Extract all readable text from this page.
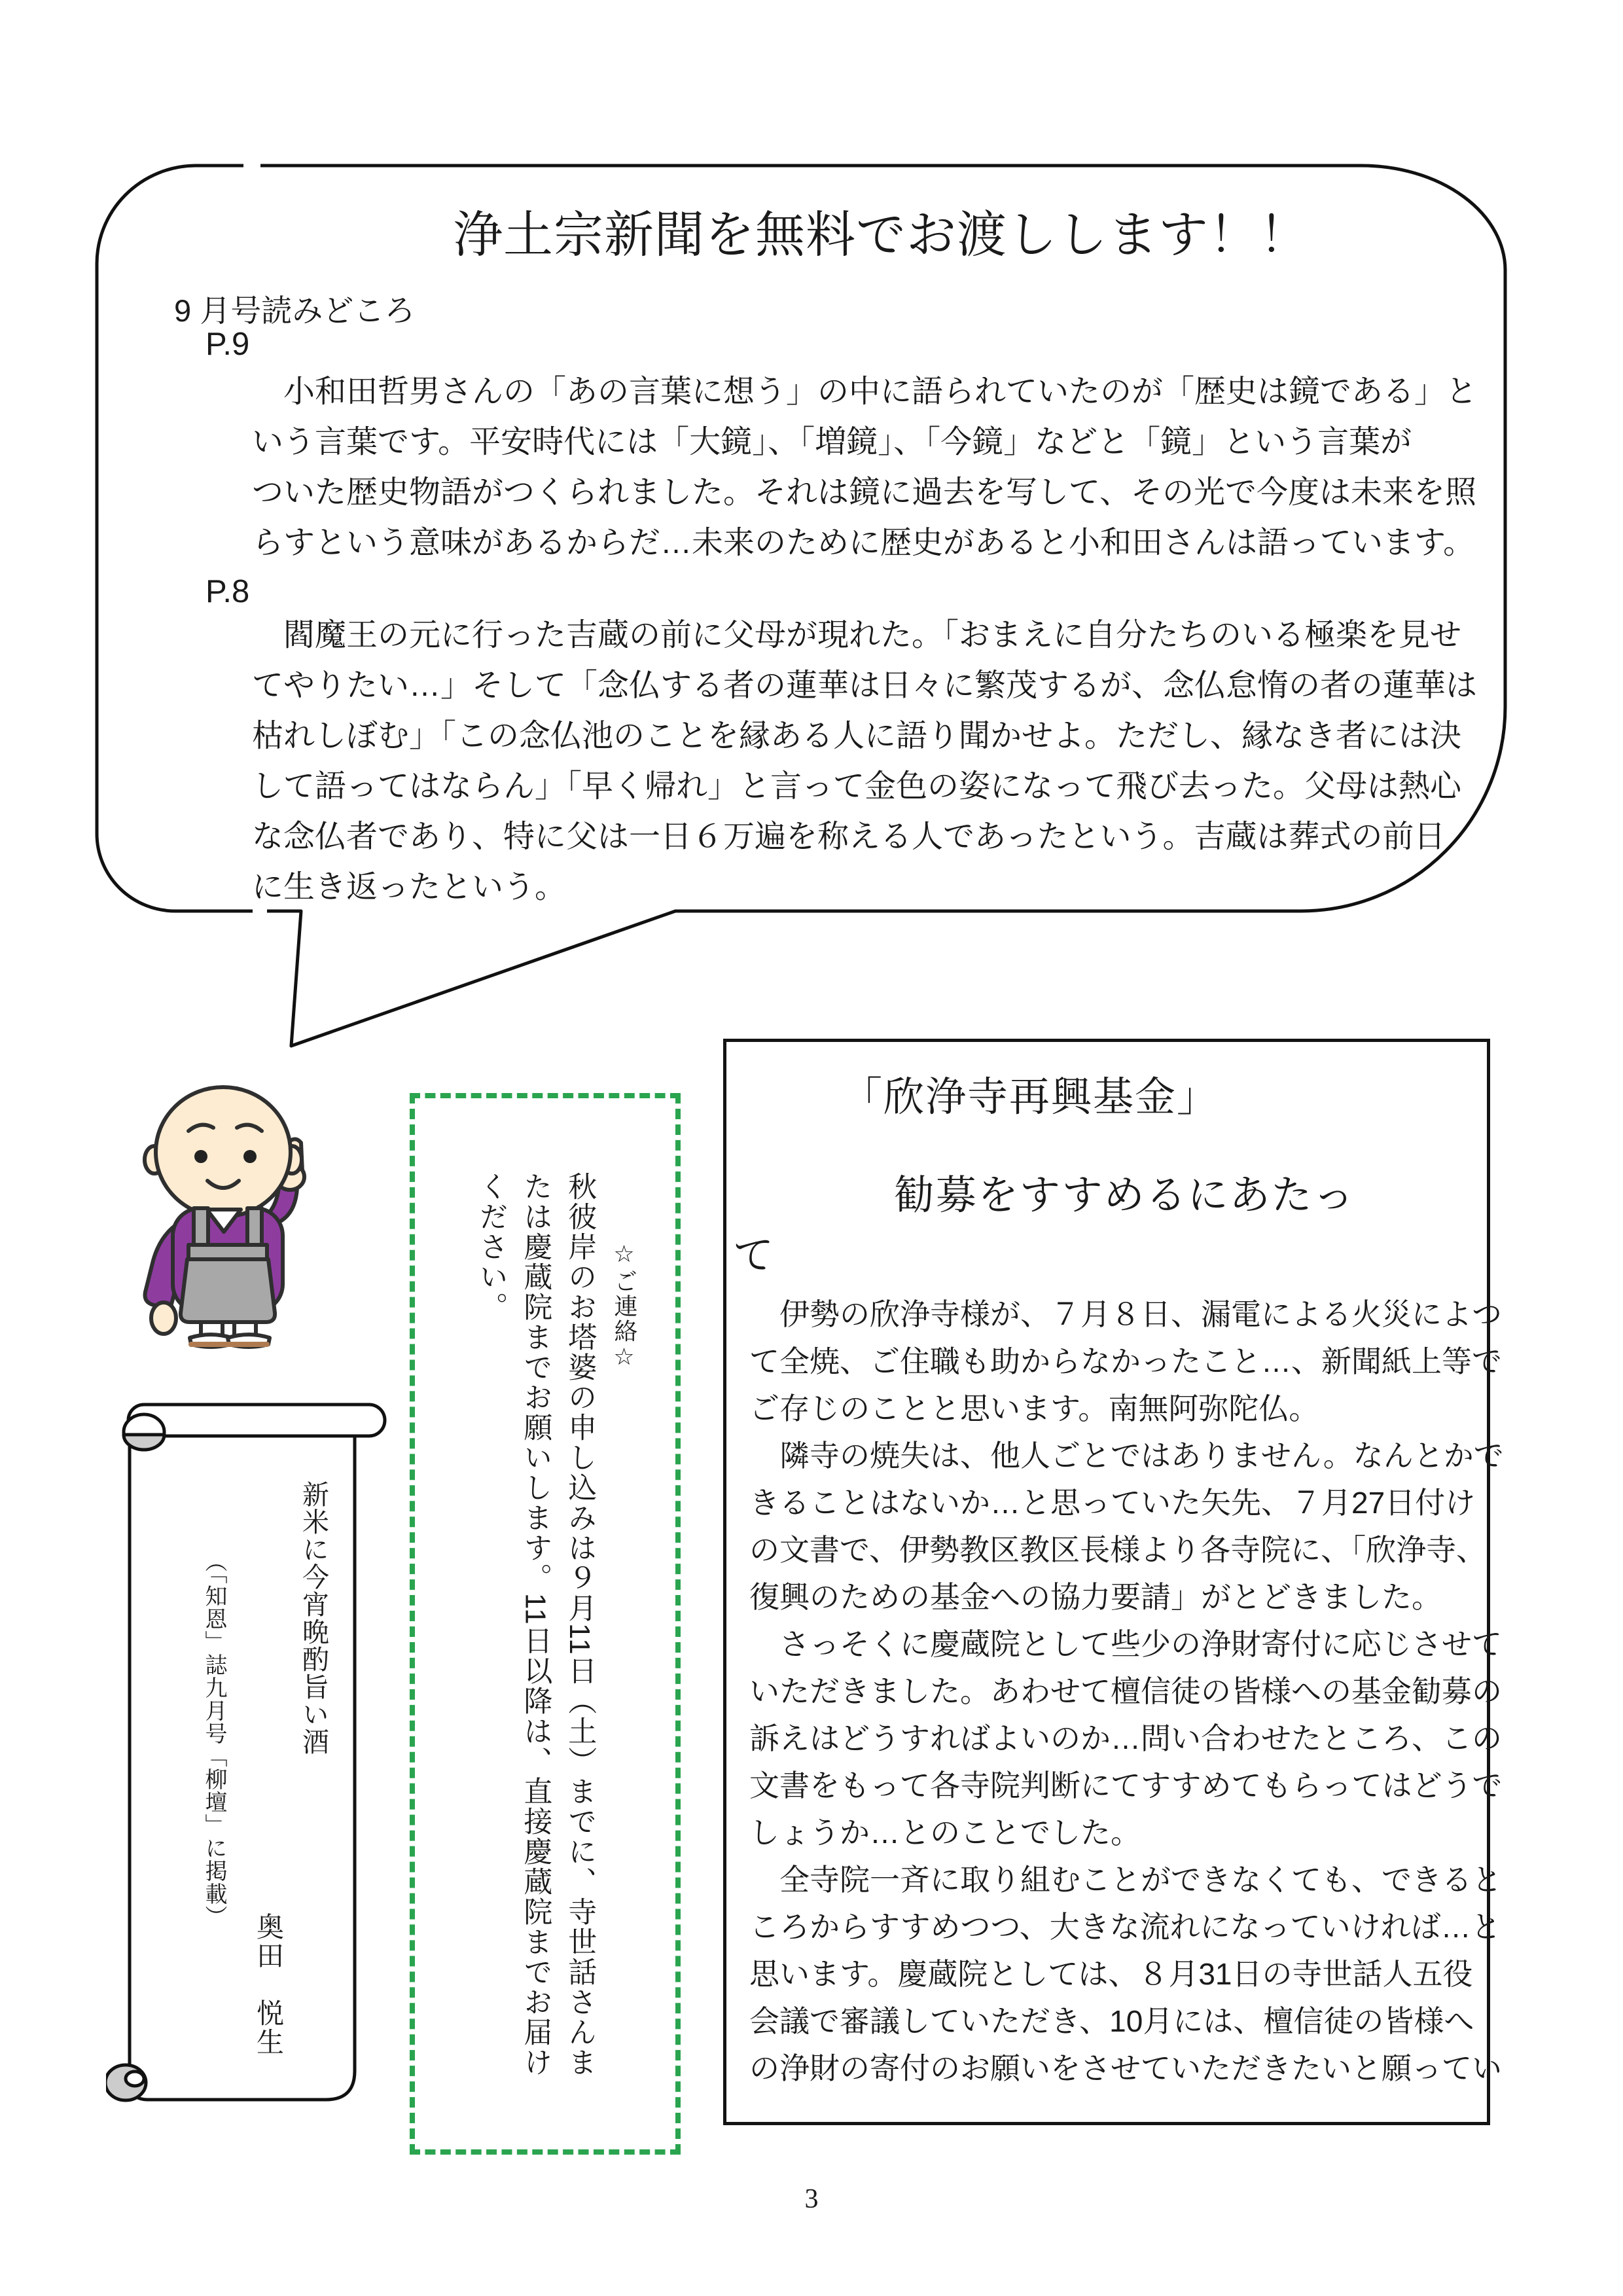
浄土宗新聞を無料でお渡しします！！
9 月号読みどころ
P.9
　小和田哲男さんの「あの言葉に想う」の中に語られていたのが「歴史は鏡である」と
いう言葉です。平安時代には「大鏡」、「増鏡」、「今鏡」などと「鏡」という言葉が
ついた歴史物語がつくられました。それは鏡に過去を写して、その光で今度は未来を照
らすという意味があるからだ…未来のために歴史があると小和田さんは語っています。
P.8
　閻魔王の元に行った吉蔵の前に父母が現れた。「おまえに自分たちのいる極楽を見せ
てやりたい…」そして「念仏する者の蓮華は日々に繁茂するが、念仏怠惰の者の蓮華は
枯れしぼむ」「この念仏池のことを縁ある人に語り聞かせよ。ただし、縁なき者には決
して語ってはならん」「早く帰れ」と言って金色の姿になって飛び去った。父母は熱心
な念仏者であり、特に父は一日６万遍を称える人であったという。吉蔵は葬式の前日
に生き返ったという。
☆ご連絡☆
秋彼岸のお塔婆の申し込みは９月11日（土）までに、寺世話さんま
たは慶蔵院までお願いします。11日以降は、直接慶蔵院までお届け
ください。
新米に今宵晩酌旨い酒
（「知恩」誌九月号「柳壇」に掲載）
奥田　悦生
「欣浄寺再興基金」
勧募をすすめるにあたっ
て
　伊勢の欣浄寺様が、７月８日、漏電による火災によつ
て全焼、ご住職も助からなかったこと…、新聞紙上等で
ご存じのことと思います。南無阿弥陀仏。
　隣寺の焼失は、他人ごとではありません。なんとかで
きることはないか…と思っていた矢先、７月27日付け
の文書で、伊勢教区教区長様より各寺院に、「欣浄寺、
復興のための基金への協力要請」がとどきました。
　さっそくに慶蔵院として些少の浄財寄付に応じさせて
いただきました。あわせて檀信徒の皆様への基金勧募の
訴えはどうすればよいのか…問い合わせたところ、この
文書をもって各寺院判断にてすすめてもらってはどうで
しょうか…とのことでした。
　全寺院一斉に取り組むことができなくても、できると
ころからすすめつつ、大きな流れになっていければ…と
思います。慶蔵院としては、８月31日の寺世話人五役
会議で審議していただき、10月には、檀信徒の皆様へ
の浄財の寄付のお願いをさせていただきたいと願ってい
3
